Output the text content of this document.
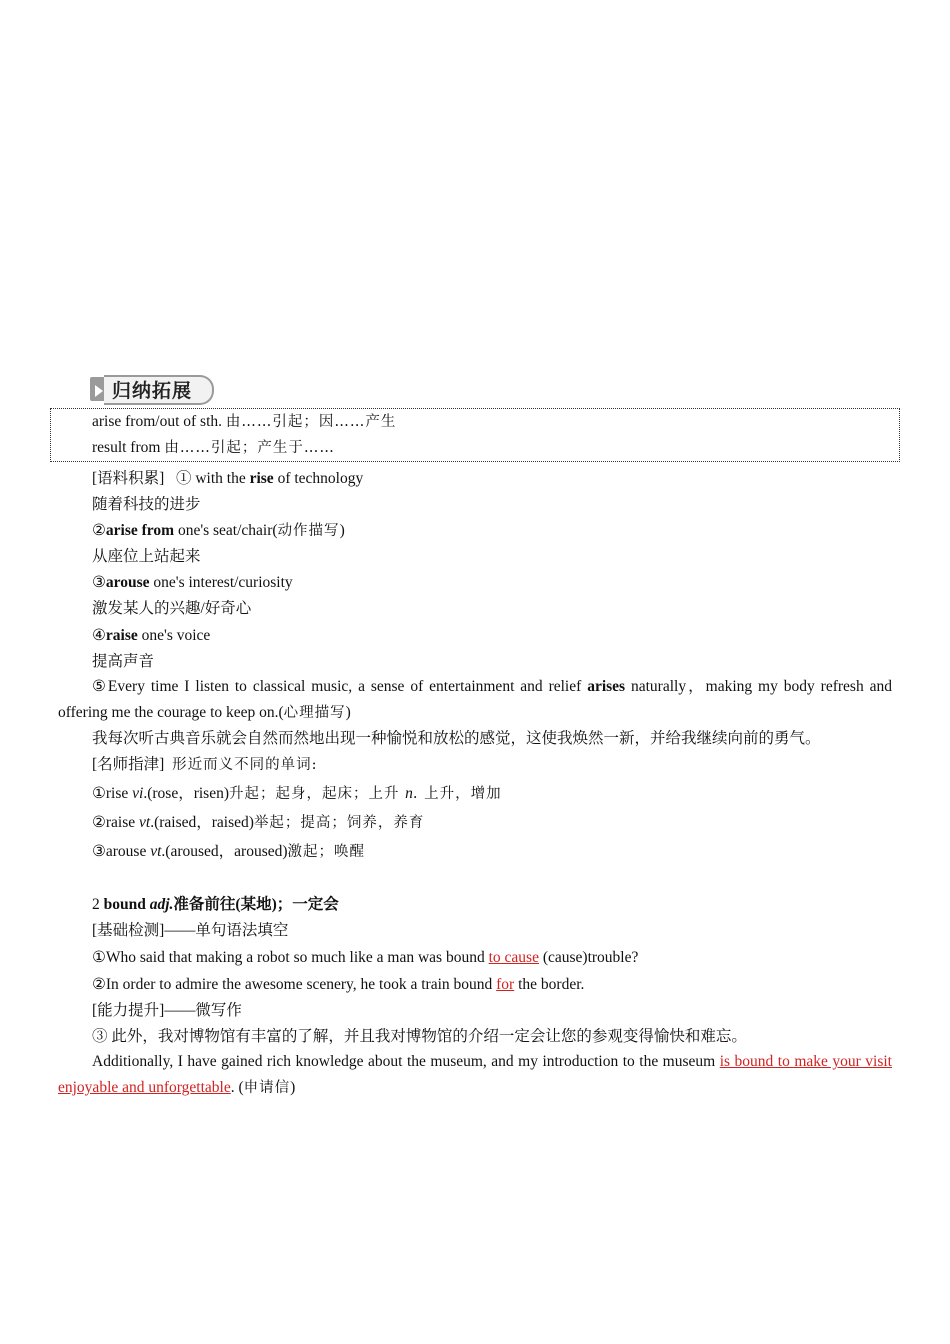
归纳拓展
arise from/out of sth. 由……引起；因……产生
result from 由……引起；产生于……
[语料积累] ① with the rise of technology
随着科技的进步
②arise from one's seat/chair(动作描写)
从座位上站起来
③arouse one's interest/curiosity
激发某人的兴趣/好奇心
④raise one's voice
提高声音
⑤Every time I listen to classical music, a sense of entertainment and relief arises naturally，making my body refresh and offering me the courage to keep on.(心理描写)
我每次听古典音乐就会自然而然地出现一种愉悦和放松的感觉，这使我焕然一新，并给我继续向前的勇气。
[名师指津] 形近而义不同的单词:
①rise vi.(rose，risen)升起；起身，起床；上升 n. 上升，增加
②raise vt.(raised，raised)举起；提高；饲养，养育
③arouse vt.(aroused，aroused)激起；唤醒
2 bound adj.准备前往(某地)；一定会
[基础检测]——单句语法填空
①Who said that making a robot so much like a man was bound to cause (cause)trouble?
②In order to admire the awesome scenery, he took a train bound for the border.
[能力提升]——微写作
③ 此外，我对博物馆有丰富的了解，并且我对博物馆的介绍一定会让您的参观变得愉快和难忘。
Additionally, I have gained rich knowledge about the museum, and my introduction to the museum is bound to make your visit enjoyable and unforgettable. (申请信)
